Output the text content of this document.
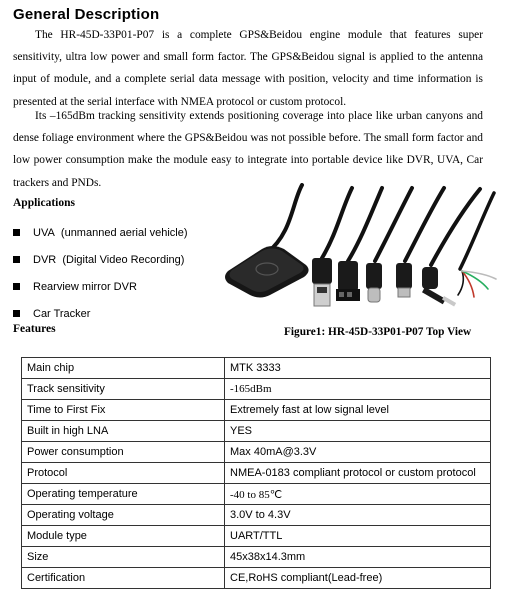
General Description

The HR-45D-33P01-P07 is a complete GPS&Beidou engine module that features super sensitivity, ultra low power and small form factor. The GPS&Beidou signal is applied to the antenna input of module, and a complete serial data message with position, velocity and time information is presented at the serial interface with NMEA protocol or custom protocol.

Its –165dBm tracking sensitivity extends positioning coverage into place like urban canyons and dense foliage environment where the GPS&Beidou was not possible before. The small form factor and low power consumption make the module easy to integrate into portable device like DVR, UVA, Car trackers and PNDs.

Applications

UVA  (unmanned aerial vehicle)
DVR  (Digital Video Recording)
Rearview mirror DVR
Car Tracker

Features	Figure1: HR-45D-33P01-P07 Top View

Main chip	MTK 3333
Track sensitivity	-165dBm
Time to First Fix	Extremely fast at low signal level
Built in high LNA	YES
Power consumption	Max 40mA@3.3V
Protocol	NMEA-0183 compliant protocol or custom protocol
Operating temperature	-40 to 85℃
Operating voltage	3.0V to 4.3V
Module type	UART/TTL
Size	45x38x14.3mm
Certification	CE,RoHS compliant(Lead-free)
